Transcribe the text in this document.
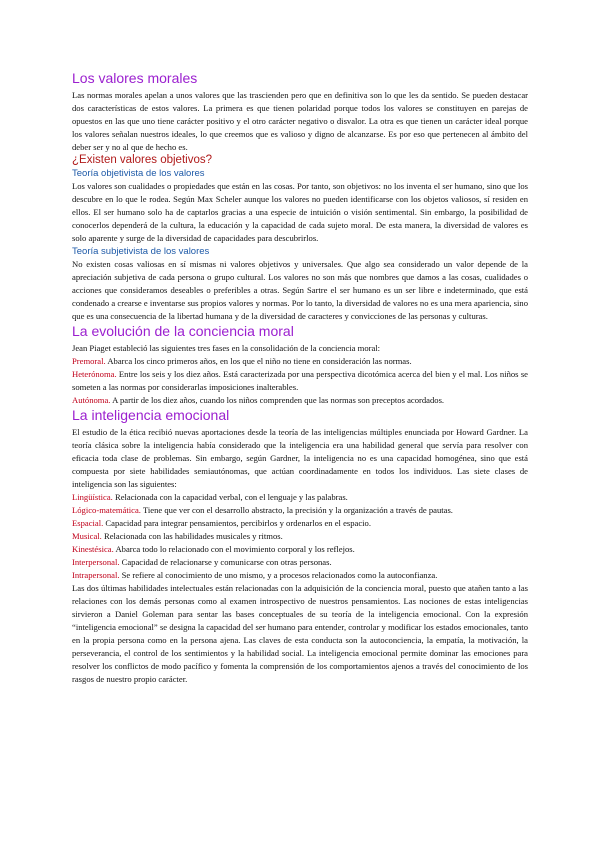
Los valores morales

Las normas morales apelan a unos valores que las trascienden pero que en definitiva son lo que les da sentido. Se pueden destacar dos características de estos valores. La primera es que tienen polaridad porque todos los valores se constituyen en parejas de opuestos en las que uno tiene carácter positivo y el otro carácter negativo o disvalor. La otra es que tienen un carácter ideal porque los valores señalan nuestros ideales, lo que creemos que es valioso y digno de alcanzarse. Es por eso que pertenecen al ámbito del deber ser y no al que de hecho es.

¿Existen valores objetivos?
Teoría objetivista de los valores

Los valores son cualidades o propiedades que están en las cosas. Por tanto, son objetivos: no los inventa el ser humano, sino que los descubre en lo que le rodea. Según Max Scheler aunque los valores no pueden identificarse con los objetos valiosos, sí residen en ellos. El ser humano solo ha de captarlos gracias a una especie de intuición o visión sentimental. Sin embargo, la posibilidad de conocerlos dependerá de la cultura, la educación y la capacidad de cada sujeto moral. De esta manera, la diversidad de valores es solo aparente y surge de la diversidad de capacidades para descubrirlos.

Teoría subjetivista de los valores

No existen cosas valiosas en sí mismas ni valores objetivos y universales. Que algo sea considerado un valor depende de la apreciación subjetiva de cada persona o grupo cultural. Los valores no son más que nombres que damos a las cosas, cualidades o acciones que consideramos deseables o preferibles a otras. Según Sartre el ser humano es un ser libre e indeterminado, que está condenado a crearse e inventarse sus propios valores y normas. Por lo tanto, la diversidad de valores no es una mera apariencia, sino que es una consecuencia de la libertad humana y de la diversidad de caracteres y convicciones de las personas y culturas.

La evolución de la conciencia moral

Jean Piaget estableció las siguientes tres fases en la consolidación de la conciencia moral:

Premoral. Abarca los cinco primeros años, en los que el niño no tiene en consideración las normas.

Heterónoma. Entre los seis y los diez años. Está caracterizada por una perspectiva dicotómica acerca del bien y el mal. Los niños se someten a las normas por considerarlas imposiciones inalterables.

Autónoma. A partir de los diez años, cuando los niños comprenden que las normas son preceptos acordados.

La inteligencia emocional

El estudio de la ética recibió nuevas aportaciones desde la teoría de las inteligencias múltiples enunciada por Howard Gardner. La teoría clásica sobre la inteligencia había considerado que la inteligencia era una habilidad general que servía para resolver con eficacia toda clase de problemas. Sin embargo, según Gardner, la inteligencia no es una capacidad homogénea, sino que está compuesta por siete habilidades semiautónomas, que actúan coordinadamente en todos los individuos. Las siete clases de inteligencia son las siguientes:

Lingüística. Relacionada con la capacidad verbal, con el lenguaje y las palabras.

Lógico-matemática. Tiene que ver con el desarrollo abstracto, la precisión y la organización a través de pautas.

Espacial. Capacidad para integrar pensamientos, percibirlos y ordenarlos en el espacio.

Musical. Relacionada con las habilidades musicales y ritmos.

Kinestésica. Abarca todo lo relacionado con el movimiento corporal y los reflejos.

Interpersonal. Capacidad de relacionarse y comunicarse con otras personas.

Intrapersonal. Se refiere al conocimiento de uno mismo, y a procesos relacionados como la autoconfianza.

Las dos últimas habilidades intelectuales están relacionadas con la adquisición de la conciencia moral, puesto que atañen tanto a las relaciones con los demás personas como al examen introspectivo de nuestros pensamientos. Las nociones de estas inteligencias sirvieron a Daniel Goleman para sentar las bases conceptuales de su teoría de la inteligencia emocional. Con la expresión “inteligencia emocional” se designa la capacidad del ser humano para entender, controlar y modificar los estados emocionales, tanto en la propia persona como en la persona ajena. Las claves de esta conducta son la autoconciencia, la empatía, la motivación, la perseverancia, el control de los sentimientos y la habilidad social. La inteligencia emocional permite dominar las emociones para resolver los conflictos de modo pacífico y fomenta la comprensión de los comportamientos ajenos a través del conocimiento de los rasgos de nuestro propio carácter.
